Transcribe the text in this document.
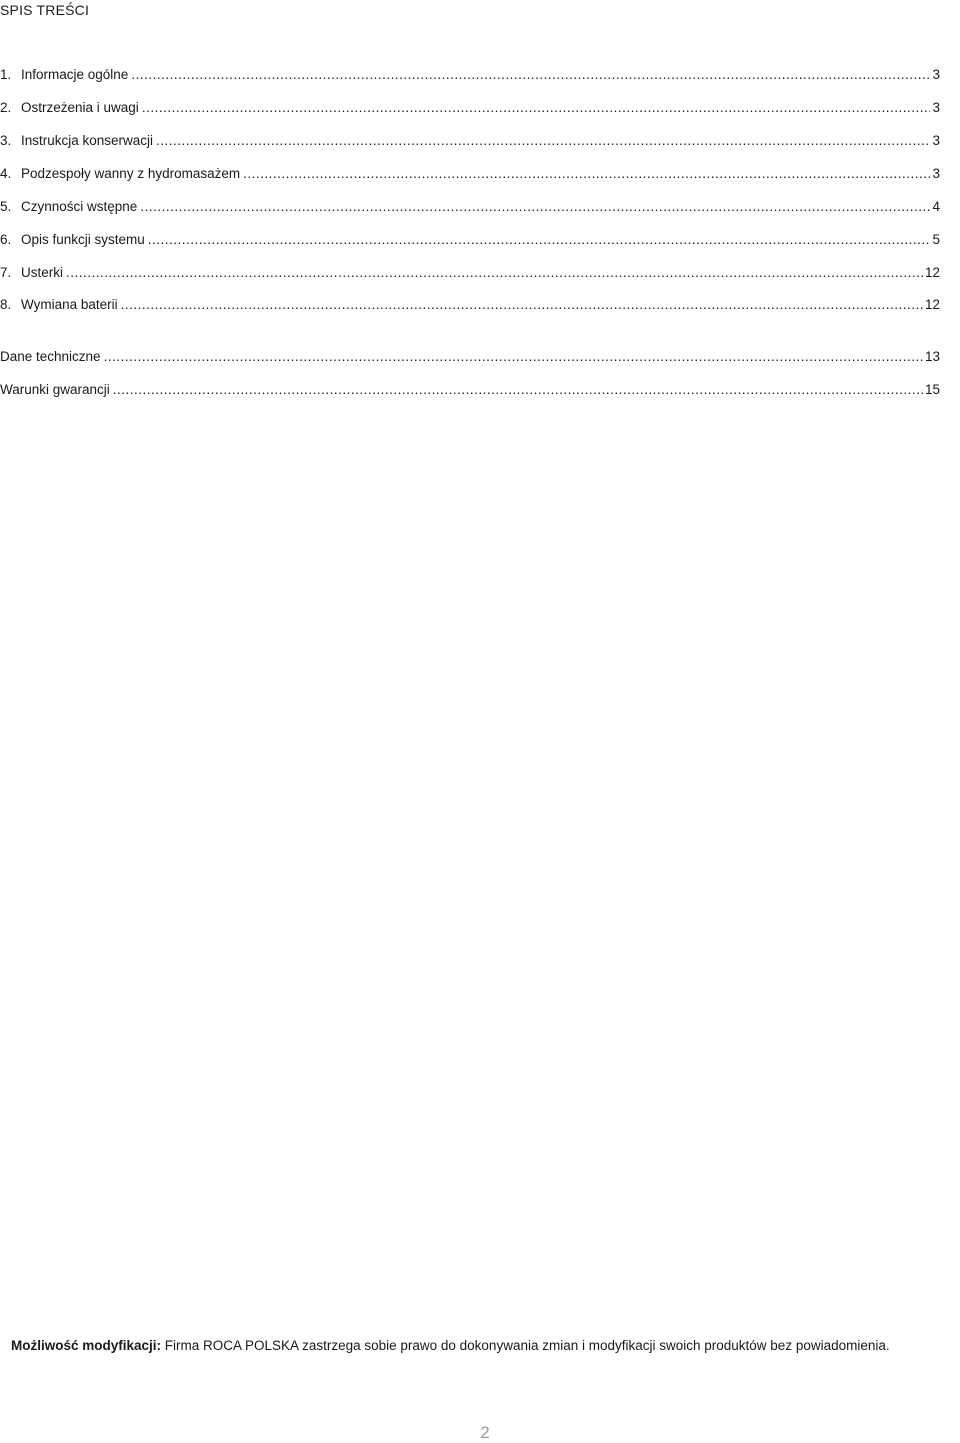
SPIS TREŚCI
1. Informacje ogólne .....	3
2. Ostrzeżenia i uwagi .....	3
3. Instrukcja konserwacji .....	3
4. Podzespoły wanny z hydromasażem .....	3
5. Czynności wstępne .....	4
6. Opis funkcji systemu .....	5
7. Usterki .....	12
8. Wymiana baterii .....	12
Dane techniczne .....	13
Warunki gwarancji .....	15

Możliwość modyfikacji: Firma ROCA POLSKA zastrzega sobie prawo do dokonywania zmian i modyfikacji swoich produktów bez powiadomienia.

2
